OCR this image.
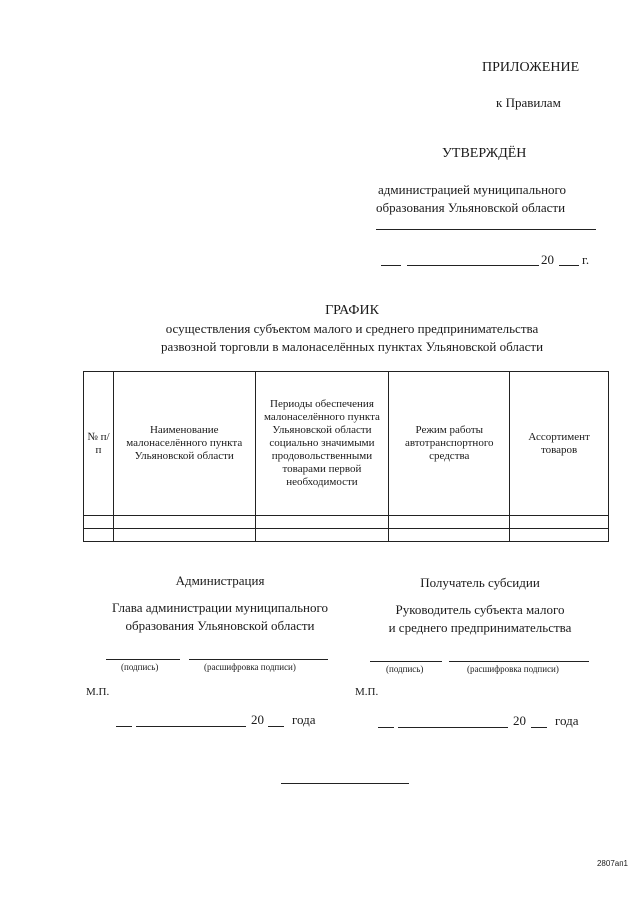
ПРИЛОЖЕНИЕ
к Правилам
УТВЕРЖДЁН
администрацией муниципального
образования Ульяновской области
20 г.
ГРАФИК
осуществления субъектом малого и среднего предпринимательства
развозной торговли в малонаселённых пунктах Ульяновской области
№ п/п	Наименование малонаселённого пункта Ульяновской области	Периоды обеспечения малонаселённого пункта Ульяновской области социально значимыми продовольственными товарами первой необходимости	Режим работы автотранспортного средства	Ассортимент товаров

Администрация
Глава администрации муниципального
образования Ульяновской области
(подпись)	(расшифровка подписи)
М.П.
20 года
Получатель субсидии
Руководитель субъекта малого
и среднего предпринимательства
(подпись)	(расшифровка подписи)
М.П.
20 года
2807ап1
